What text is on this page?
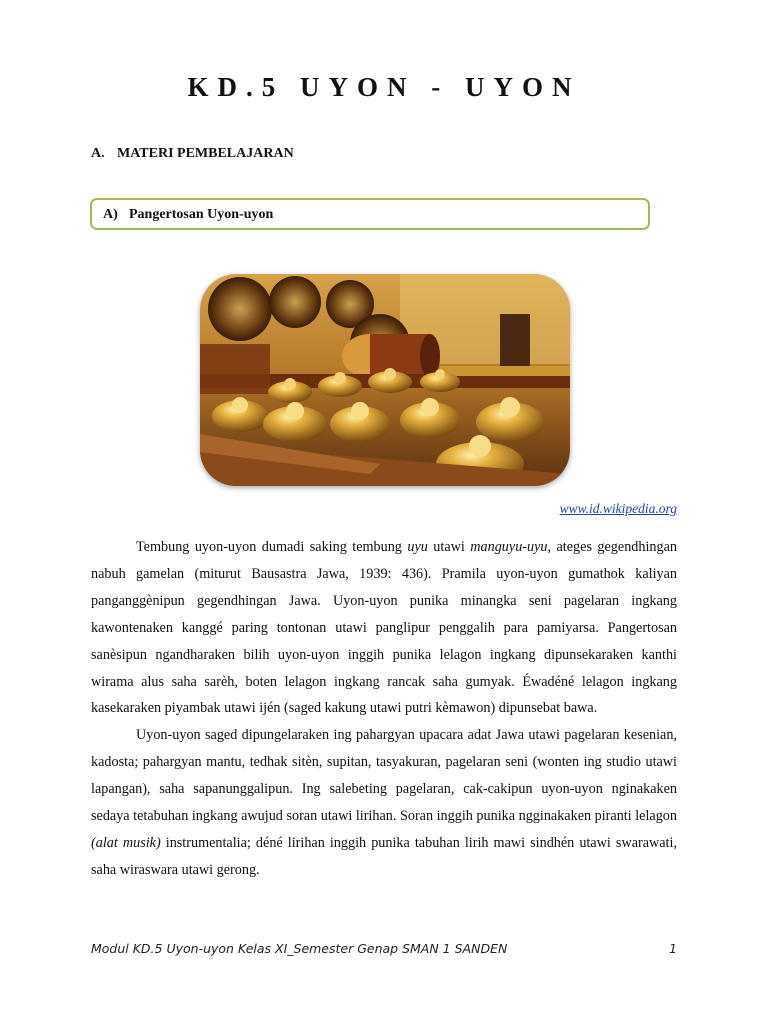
KD.5 UYON - UYON
A. MATERI PEMBELAJARAN
A) Pangertosan Uyon-uyon
www.id.wikipedia.org

Tembung uyon-uyon dumadi saking tembung uyu utawi manguyu-uyu, ateges gegendhingan nabuh gamelan (miturut Bausastra Jawa, 1939: 436). Pramila uyon-uyon gumathok kaliyan panganggènipun gegendhingan Jawa. Uyon-uyon punika minangka seni pagelaran ingkang kawontenaken kanggé paring tontonan utawi panglipur penggalih para pamiyarsa. Pangertosan sanèsipun ngandharaken bilih uyon-uyon inggih punika lelagon ingkang dipunsekaraken kanthi wirama alus saha sarèh, boten lelagon ingkang rancak saha gumyak. Éwadéné lelagon ingkang kasekaraken piyambak utawi ijén (saged kakung utawi putri kèmawon) dipunsebat bawa.

Uyon-uyon saged dipungelaraken ing pahargyan upacara adat Jawa utawi pagelaran kesenian, kadosta; pahargyan mantu, tedhak sitèn, supitan, tasyakuran, pagelaran seni (wonten ing studio utawi lapangan), saha sapanunggalipun. Ing salebeting pagelaran, cak-cakipun uyon-uyon nginakaken sedaya tetabuhan ingkang awujud soran utawi lirihan. Soran inggih punika ngginakaken piranti lelagon (alat musik) instrumentalia; déné lirihan inggih punika tabuhan lirih mawi sindhén utawi swarawati, saha wiraswara utawi gerong.

Modul KD.5 Uyon-uyon Kelas XI_Semester Genap SMAN 1 SANDEN	1
